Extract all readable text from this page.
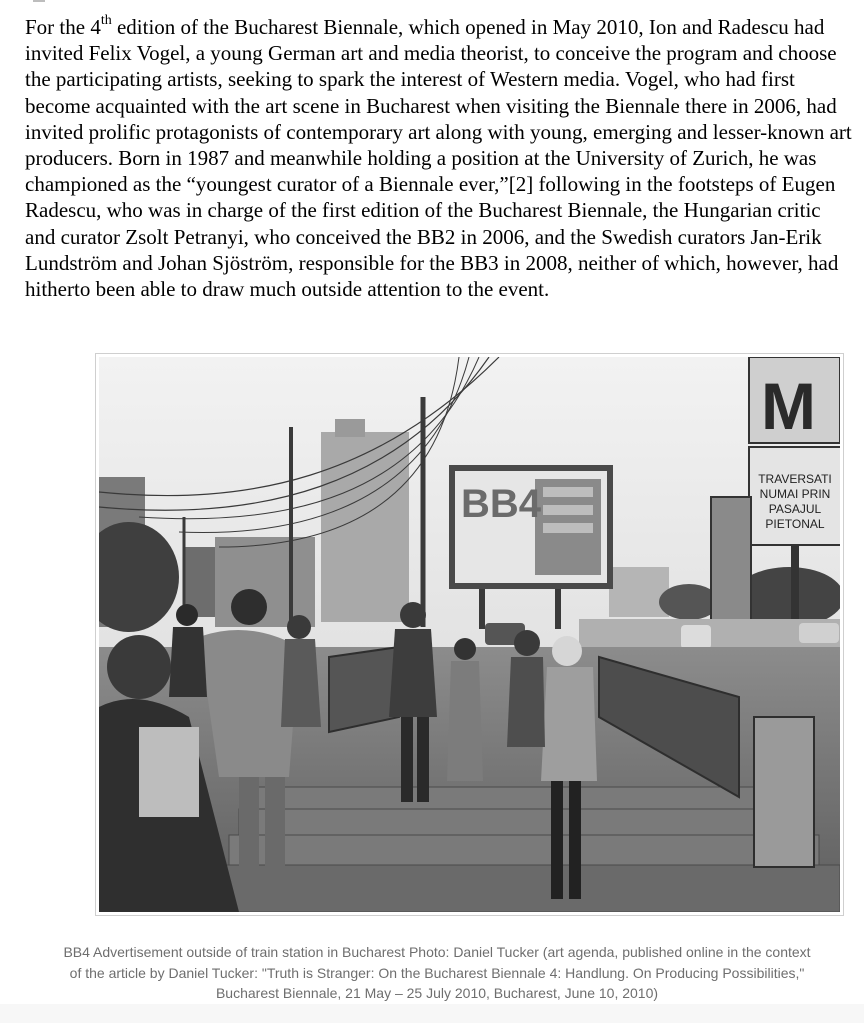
For the 4th edition of the Bucharest Biennale, which opened in May 2010, Ion and Radescu had invited Felix Vogel, a young German art and media theorist, to conceive the program and choose the participating artists, seeking to spark the interest of Western media. Vogel, who had first become acquainted with the art scene in Bucharest when visiting the Biennale there in 2006, had invited prolific protagonists of contemporary art along with young, emerging and lesser-known art producers. Born in 1987 and meanwhile holding a position at the University of Zurich, he was championed as the “youngest curator of a Biennale ever,”[2] following in the footsteps of Eugen Radescu, who was in charge of the first edition of the Bucharest Biennale, the Hungarian critic and curator Zsolt Petranyi, who conceived the BB2 in 2006, and the Swedish curators Jan-Erik Lundström and Johan Sjöström, responsible for the BB3 in 2008, neither of which, however, had hitherto been able to draw much outside attention to the event.

BB4
M
TRAVERSATI
NUMAI PRIN
PASAJUL
PIETONAL

BB4 Advertisement outside of train station in Bucharest Photo: Daniel Tucker (art agenda, published online in the context of the article by Daniel Tucker: "Truth is Stranger: On the Bucharest Biennale 4: Handlung. On Producing Possibilities," Bucharest Biennale, 21 May – 25 July 2010, Bucharest, June 10, 2010)
